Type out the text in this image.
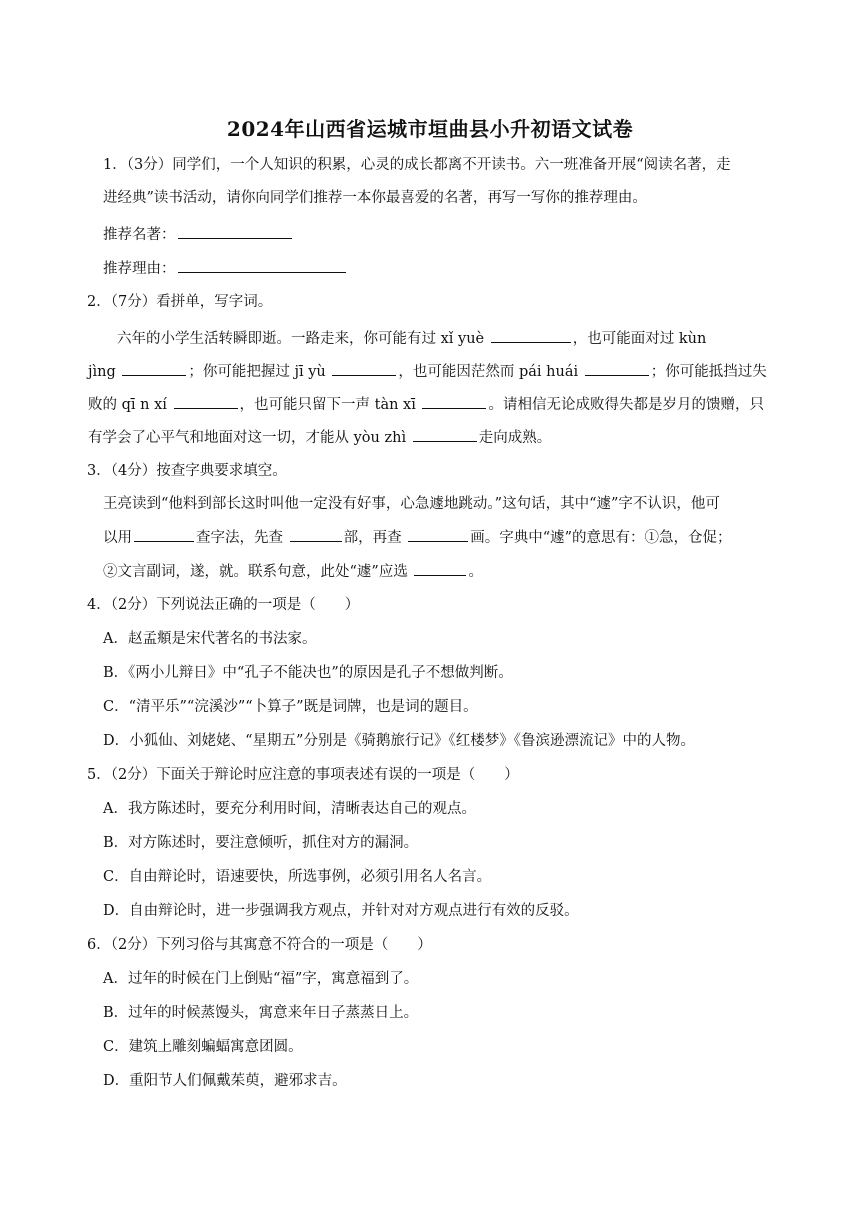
2024年山西省运城市垣曲县小升初语文试卷
1．（3分）同学们，一个人知识的积累，心灵的成长都离不开读书。六一班准备开展“阅读名著，走
进经典”读书活动，请你向同学们推荐一本你最喜爱的名著，再写一写你的推荐理由。
推荐名著：
推荐理由：
2．（7分）看拼单，写字词。
六年的小学生活转瞬即逝。一路走来，你可能有过 xǐ yuè	，也可能面对过 kùn
jìng	；你可能把握过 jī yù	，也可能因茫然而 pái huái	；你可能抵挡过失
败的 qī n xí	，也可能只留下一声 tàn xī	。请相信无论成败得失都是岁月的馈赠，只
有学会了心平气和地面对这一切，才能从 yòu zhì	走向成熟。
3．（4分）按查字典要求填空。
王亮读到“他料到部长这时叫他一定没有好事，心急遽地跳动。”这句话，其中“遽”字不认识，他可
以用	查字法，先查	部，再查	画。字典中“遽”的意思有：①急，仓促；
②文言副词，遂，就。联系句意，此处“遽”应选	。
4．（2分）下列说法正确的一项是（　　）
A．赵孟頫是宋代著名的书法家。
B．《两小儿辩日》中“孔子不能决也”的原因是孔子不想做判断。
C．“清平乐”“浣溪沙”“卜算子”既是词牌，也是词的题目。
D．小狐仙、刘姥姥、“星期五”分别是《骑鹅旅行记》《红楼梦》《鲁滨逊漂流记》中的人物。
5．（2分）下面关于辩论时应注意的事项表述有误的一项是（　　）
A．我方陈述时，要充分利用时间，清晰表达自己的观点。
B．对方陈述时，要注意倾听，抓住对方的漏洞。
C．自由辩论时，语速要快，所选事例，必须引用名人名言。
D．自由辩论时，进一步强调我方观点，并针对对方观点进行有效的反驳。
6．（2分）下列习俗与其寓意不符合的一项是（　　）
A．过年的时候在门上倒贴“福”字，寓意福到了。
B．过年的时候蒸馒头，寓意来年日子蒸蒸日上。
C．建筑上雕刻蝙蝠寓意团圆。
D．重阳节人们佩戴茱萸，避邪求吉。
